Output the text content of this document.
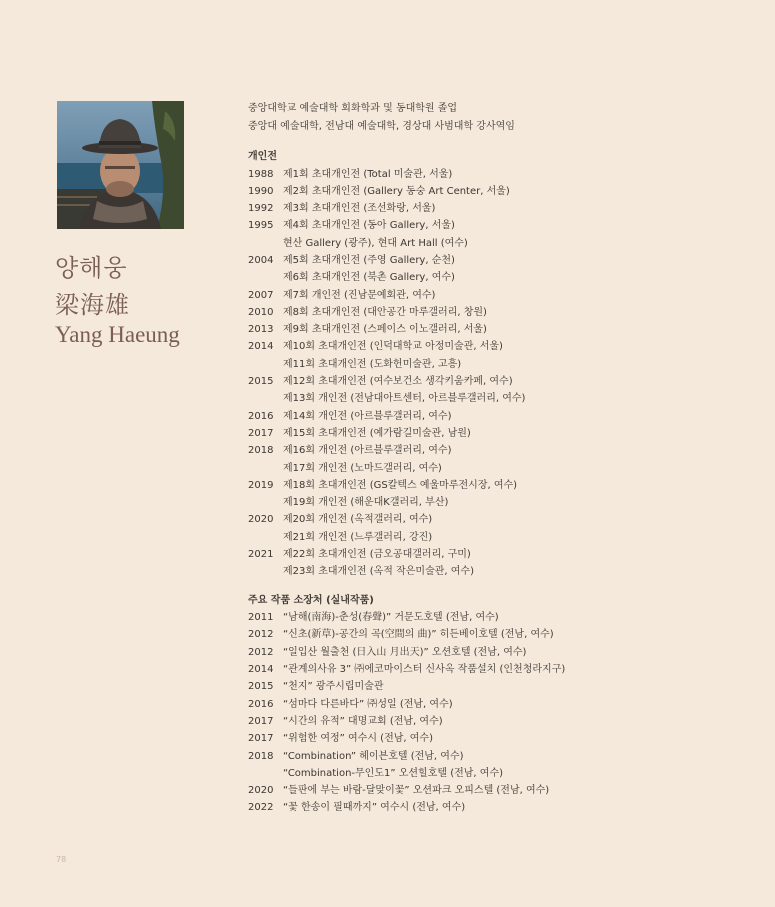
양해웅
梁海雄
Yang Haeung
중앙대학교 예술대학 회화학과 및 동대학원 졸업
중앙대 예술대학, 전남대 예술대학, 경상대 사범대학 강사역임
개인전
1988 제1회 초대개인전 (Total 미술관, 서울)
1990 제2회 초대개인전 (Gallery 동숭 Art Center, 서울)
1992 제3회 초대개인전 (조선화랑, 서울)
1995 제4회 초대개인전 (동아 Gallery, 서울)
현산 Gallery (광주), 현대 Art Hall (여수)
2004 제5회 초대개인전 (주영 Gallery, 순천)
제6회 초대개인전 (북촌 Gallery, 여수)
2007 제7회 개인전 (진남문예회관, 여수)
2010 제8회 초대개인전 (대안공간 마루갤러리, 창원)
2013 제9회 초대개인전 (스페이스 이노갤러리, 서울)
2014 제10회 초대개인전 (인덕대학교 아정미술관, 서울)
제11회 초대개인전 (도화헌미술관, 고흥)
2015 제12회 초대개인전 (여수보건소 생각키움카페, 여수)
제13회 개인전 (전남대아트센터, 아르블루갤러리, 여수)
2016 제14회 개인전 (아르블루갤러리, 여수)
2017 제15회 초대개인전 (예가람길미술관, 남원)
2018 제16회 개인전 (아르블루갤러리, 여수)
제17회 개인전 (노마드갤러리, 여수)
2019 제18회 초대개인전 (GS칼텍스 예울마루전시장, 여수)
제19회 개인전 (해운대K갤러리, 부산)
2020 제20회 개인전 (옥적갤러리, 여수)
제21회 개인전 (느루갤러리, 강진)
2021 제22회 초대개인전 (금오공대갤러리, 구미)
제23회 초대개인전 (옥적 작은미술관, 여수)
주요 작품 소장처 (실내작품)
2011 “남해(南海)-춘성(春聲)” 거문도호텔 (전남, 여수)
2012 “신초(新草)-공간의 곡(空間의 曲)” 히든베이호텔 (전남, 여수)
2012 “일입산 월출천 (日入山 月出天)” 오션호텔 (전남, 여수)
2014 “관계의사유 3” ㈜에코마이스터 신사옥 작품설치 (인천청라지구)
2015 “천지” 광주시립미술관
2016 “섬마다 다른바다” ㈜성일 (전남, 여수)
2017 “시간의 유적” 대명교회 (전남, 여수)
2017 “위험한 여정” 여수시 (전남, 여수)
2018 “Combination” 헤이븐호텔 (전남, 여수)
“Combination-무인도1” 오션힐호텔 (전남, 여수)
2020 “들판에 부는 바람-달맞이꽃” 오션파크 오피스텔 (전남, 여수)
2022 “꽃 한송이 필때까지” 여수시 (전남, 여수)
78
